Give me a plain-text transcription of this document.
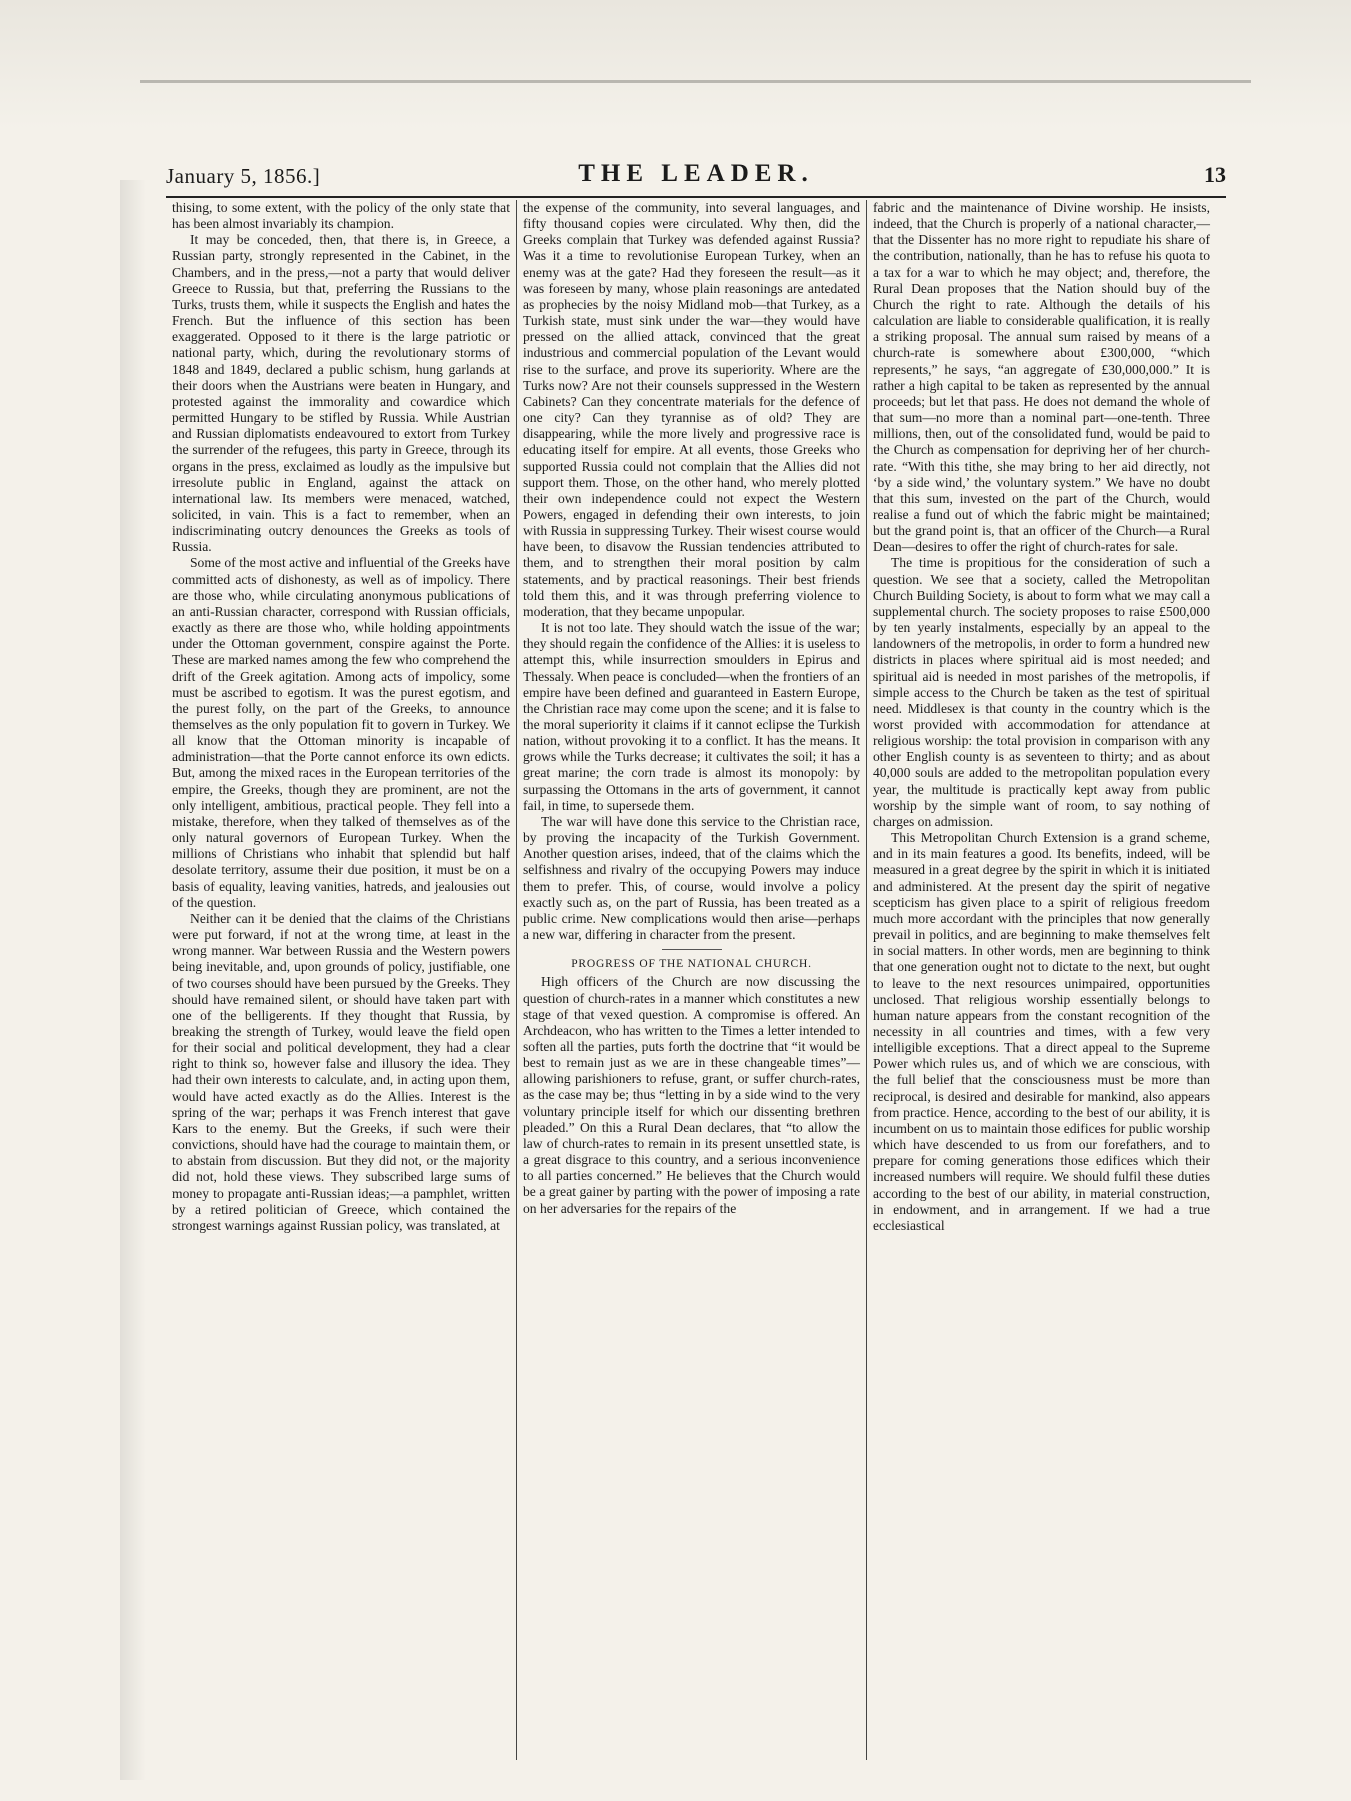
January 5, 1856.]	THE LEADER.	13

thising, to some extent, with the policy of the only state that has been almost invariably its champion.

It may be conceded, then, that there is, in Greece, a Russian party, strongly represented in the Cabinet, in the Chambers, and in the press,—not a party that would deliver Greece to Russia, but that, preferring the Russians to the Turks, trusts them, while it suspects the English and hates the French. But the influence of this section has been exaggerated. Opposed to it there is the large patriotic or national party, which, during the revolutionary storms of 1848 and 1849, declared a public schism, hung garlands at their doors when the Austrians were beaten in Hungary, and protested against the immorality and cowardice which permitted Hungary to be stifled by Russia. While Austrian and Russian diplomatists endeavoured to extort from Turkey the surrender of the refugees, this party in Greece, through its organs in the press, exclaimed as loudly as the impulsive but irresolute public in England, against the attack on international law. Its members were menaced, watched, solicited, in vain. This is a fact to remember, when an indiscriminating outcry denounces the Greeks as tools of Russia.

Some of the most active and influential of the Greeks have committed acts of dishonesty, as well as of impolicy. There are those who, while circulating anonymous publications of an anti-Russian character, correspond with Russian officials, exactly as there are those who, while holding appointments under the Ottoman government, conspire against the Porte. These are marked names among the few who comprehend the drift of the Greek agitation. Among acts of impolicy, some must be ascribed to egotism. It was the purest egotism, and the purest folly, on the part of the Greeks, to announce themselves as the only population fit to govern in Turkey. We all know that the Ottoman minority is incapable of administration—that the Porte cannot enforce its own edicts. But, among the mixed races in the European territories of the empire, the Greeks, though they are prominent, are not the only intelligent, ambitious, practical people. They fell into a mistake, therefore, when they talked of themselves as of the only natural governors of European Turkey. When the millions of Christians who inhabit that splendid but half desolate territory, assume their due position, it must be on a basis of equality, leaving vanities, hatreds, and jealousies out of the question.

Neither can it be denied that the claims of the Christians were put forward, if not at the wrong time, at least in the wrong manner. War between Russia and the Western powers being inevitable, and, upon grounds of policy, justifiable, one of two courses should have been pursued by the Greeks. They should have remained silent, or should have taken part with one of the belligerents. If they thought that Russia, by breaking the strength of Turkey, would leave the field open for their social and political development, they had a clear right to think so, however false and illusory the idea. They had their own interests to calculate, and, in acting upon them, would have acted exactly as do the Allies. Interest is the spring of the war; perhaps it was French interest that gave Kars to the enemy. But the Greeks, if such were their convictions, should have had the courage to maintain them, or to abstain from discussion. But they did not, or the majority did not, hold these views. They subscribed large sums of money to propagate anti-Russian ideas;—a pamphlet, written by a retired politician of Greece, which contained the strongest warnings against Russian policy, was translated, at

the expense of the community, into several languages, and fifty thousand copies were circulated. Why then, did the Greeks complain that Turkey was defended against Russia? Was it a time to revolutionise European Turkey, when an enemy was at the gate? Had they foreseen the result—as it was foreseen by many, whose plain reasonings are antedated as prophecies by the noisy Midland mob—that Turkey, as a Turkish state, must sink under the war—they would have pressed on the allied attack, convinced that the great industrious and commercial population of the Levant would rise to the surface, and prove its superiority. Where are the Turks now? Are not their counsels suppressed in the Western Cabinets? Can they concentrate materials for the defence of one city? Can they tyrannise as of old? They are disappearing, while the more lively and progressive race is educating itself for empire. At all events, those Greeks who supported Russia could not complain that the Allies did not support them. Those, on the other hand, who merely plotted their own independence could not expect the Western Powers, engaged in defending their own interests, to join with Russia in suppressing Turkey. Their wisest course would have been, to disavow the Russian tendencies attributed to them, and to strengthen their moral position by calm statements, and by practical reasonings. Their best friends told them this, and it was through preferring violence to moderation, that they became unpopular.

It is not too late. They should watch the issue of the war; they should regain the confidence of the Allies: it is useless to attempt this, while insurrection smoulders in Epirus and Thessaly. When peace is concluded—when the frontiers of an empire have been defined and guaranteed in Eastern Europe, the Christian race may come upon the scene; and it is false to the moral superiority it claims if it cannot eclipse the Turkish nation, without provoking it to a conflict. It has the means. It grows while the Turks decrease; it cultivates the soil; it has a great marine; the corn trade is almost its monopoly: by surpassing the Ottomans in the arts of government, it cannot fail, in time, to supersede them.

The war will have done this service to the Christian race, by proving the incapacity of the Turkish Government. Another question arises, indeed, that of the claims which the selfishness and rivalry of the occupying Powers may induce them to prefer. This, of course, would involve a policy exactly such as, on the part of Russia, has been treated as a public crime. New complications would then arise—perhaps a new war, differing in character from the present.

PROGRESS OF THE NATIONAL CHURCH.

High officers of the Church are now discussing the question of church-rates in a manner which constitutes a new stage of that vexed question. A compromise is offered. An Archdeacon, who has written to the Times a letter intended to soften all the parties, puts forth the doctrine that “it would be best to remain just as we are in these changeable times”—allowing parishioners to refuse, grant, or suffer church-rates, as the case may be; thus “letting in by a side wind to the very voluntary principle itself for which our dissenting brethren pleaded.” On this a Rural Dean declares, that “to allow the law of church-rates to remain in its present unsettled state, is a great disgrace to this country, and a serious inconvenience to all parties concerned.” He believes that the Church would be a great gainer by parting with the power of imposing a rate on her adversaries for the repairs of the

fabric and the maintenance of Divine worship. He insists, indeed, that the Church is properly of a national character,—that the Dissenter has no more right to repudiate his share of the contribution, nationally, than he has to refuse his quota to a tax for a war to which he may object; and, therefore, the Rural Dean proposes that the Nation should buy of the Church the right to rate. Although the details of his calculation are liable to considerable qualification, it is really a striking proposal. The annual sum raised by means of a church-rate is somewhere about £300,000, “which represents,” he says, “an aggregate of £30,000,000.” It is rather a high capital to be taken as represented by the annual proceeds; but let that pass. He does not demand the whole of that sum—no more than a nominal part—one-tenth. Three millions, then, out of the consolidated fund, would be paid to the Church as compensation for depriving her of her church-rate. “With this tithe, she may bring to her aid directly, not ‘by a side wind,’ the voluntary system.” We have no doubt that this sum, invested on the part of the Church, would realise a fund out of which the fabric might be maintained; but the grand point is, that an officer of the Church—a Rural Dean—desires to offer the right of church-rates for sale.

The time is propitious for the consideration of such a question. We see that a society, called the Metropolitan Church Building Society, is about to form what we may call a supplemental church. The society proposes to raise £500,000 by ten yearly instalments, especially by an appeal to the landowners of the metropolis, in order to form a hundred new districts in places where spiritual aid is most needed; and spiritual aid is needed in most parishes of the metropolis, if simple access to the Church be taken as the test of spiritual need. Middlesex is that county in the country which is the worst provided with accommodation for attendance at religious worship: the total provision in comparison with any other English county is as seventeen to thirty; and as about 40,000 souls are added to the metropolitan population every year, the multitude is practically kept away from public worship by the simple want of room, to say nothing of charges on admission.

This Metropolitan Church Extension is a grand scheme, and in its main features a good. Its benefits, indeed, will be measured in a great degree by the spirit in which it is initiated and administered. At the present day the spirit of negative scepticism has given place to a spirit of religious freedom much more accordant with the principles that now generally prevail in politics, and are beginning to make themselves felt in social matters. In other words, men are beginning to think that one generation ought not to dictate to the next, but ought to leave to the next resources unimpaired, opportunities unclosed. That religious worship essentially belongs to human nature appears from the constant recognition of the necessity in all countries and times, with a few very intelligible exceptions. That a direct appeal to the Supreme Power which rules us, and of which we are conscious, with the full belief that the consciousness must be more than reciprocal, is desired and desirable for mankind, also appears from practice. Hence, according to the best of our ability, it is incumbent on us to maintain those edifices for public worship which have descended to us from our forefathers, and to prepare for coming generations those edifices which their increased numbers will require. We should fulfil these duties according to the best of our ability, in material construction, in endowment, and in arrangement. If we had a true ecclesiastical
